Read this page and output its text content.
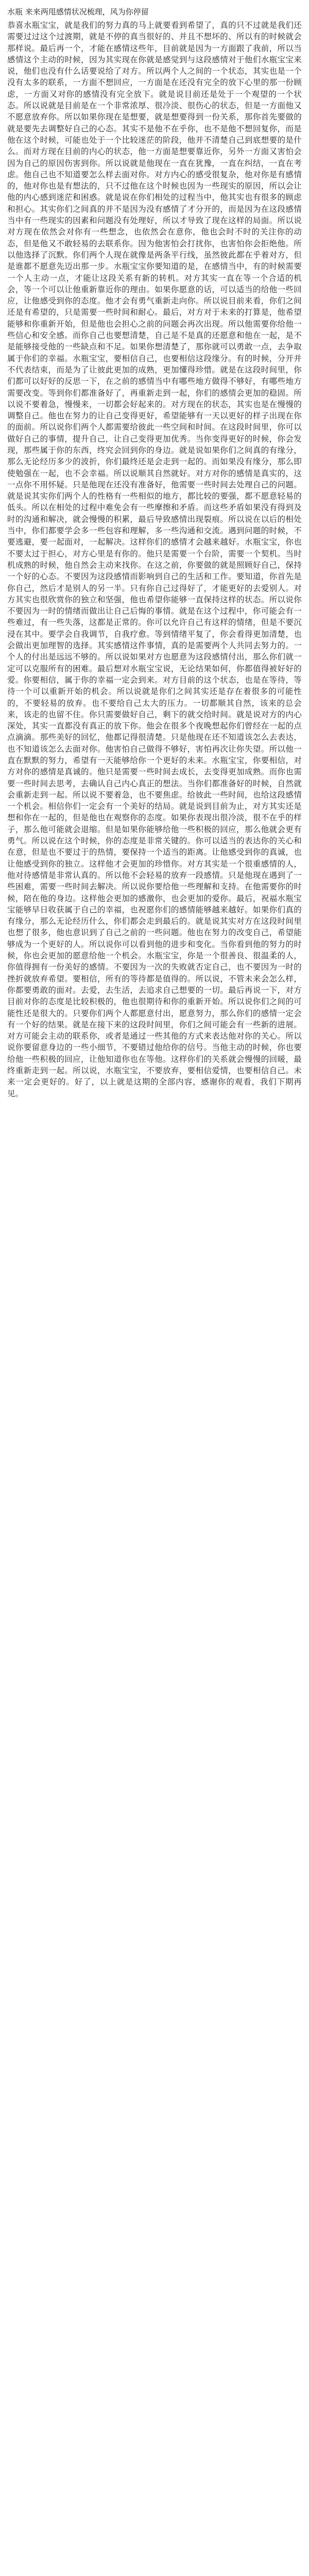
水瓶 来来两甩感情状况梳理，风为你停留

恭喜水瓶宝宝，就是我们的努力真的马上就要看到希望了，真的只不过就是我们还需要过过这个过渡期，就是不停的真当很好的、并且不想坏的、所以有的时候就会那样说。最后再一个，才能在感情这些年，目前就是因为一方面跟了我前，所以当感情这个主动的时候，因为其实现在你就是感觉到与这段感情对于他们水瓶宝宝来说，他们也没有什么话要说给了对方。所以两个人之间的一个状态，其实也是一个没有太多的联系，一方面不想回应，一方面是在还没有完全的放下心里的那一份顾虑，一方面又对你的感情没有完全放下。就是说目前还是处于一个观望的一个状态。所以说就是目前是在一个非常浓厚、很冷淡、很伤心的状态，但是一方面他又不愿意放弃你。所以如果你现在是想要，就是想要得到一份关系，那你首先要做的就是要先去调整好自己的心态。其实不是他不在乎你，也不是他不想回复你，而是他在这个时候，可能也处于一个比较迷茫的阶段，他并不清楚自己到底想要的是什么。而对方现在目前的内心的状态，他一方面是想要靠近你，另外一方面又害怕会因为自己的原因伤害到你。所以说就是他现在一直在犹豫，一直在纠结，一直在考虑。他自己也不知道要怎么样去面对你。对方内心的感受很复杂，他对你是有感情的，他对你也是有想法的，只不过他在这个时候也因为一些现实的原因，所以会让他的内心感到迷茫和困惑。就是说在你们相处的过程当中，他其实也有很多的顾虑和担心。其实你们之间真的并不是因为没有感情了才分开的，而是因为在这段感情当中有一些现实的因素和问题没有处理好，所以才导致了现在这样的局面。所以说对方现在依然会对你有一些想念，也依然会在意你，他也会时不时的关注你的动态，但是他又不敢轻易的去联系你。因为他害怕会打扰你，也害怕你会拒绝他。所以他选择了沉默。你们两个人现在就像是两条平行线，虽然彼此都在乎着对方，但是谁都不愿意先迈出那一步。水瓶宝宝你要知道的是，在感情当中，有的时候需要一个人主动一点，才能让这段关系有新的转机。对方其实一直在等一个合适的机会，等一个可以让他重新靠近你的理由。如果你愿意的话，可以适当的给他一些回应，让他感受到你的态度。他才会有勇气重新走向你。所以说目前来看，你们之间还是有希望的，只是需要一些时间和耐心。最后，对方对于未来的打算是，他希望能够和你重新开始，但是他也会担心之前的问题会再次出现。所以他需要你给他一些信心和安全感。而你自己也要想清楚，自己是不是真的还愿意和他在一起，是不是能够接受他的一些缺点和不足。如果你想清楚了，那你就可以勇敢一点，去争取属于你们的幸福。水瓶宝宝，要相信自己，也要相信这段缘分。有的时候，分开并不代表结束，而是为了让彼此更加的成熟，更加懂得珍惜。就是在这段时间里，你们都可以好好的反思一下，在之前的感情当中有哪些地方做得不够好，有哪些地方需要改变。等到你们都准备好了，再重新走到一起，你们的感情会更加的稳固。所以说不要着急，慢慢来，一切都会好起来的。对方现在的状态，其实也是在慢慢的调整自己。他也在努力的让自己变得更好，希望能够有一天以更好的样子出现在你的面前。所以说你们两个人都需要给彼此一些空间和时间。在这段时间里，你可以做好自己的事情，提升自己，让自己变得更加优秀。当你变得更好的时候，你会发现，那些属于你的东西，终究会回到你的身边。就是说如果你们之间真的有缘分，那么无论经历多少的波折，你们最终还是会走到一起的。而如果没有缘分，那么即使勉强在一起，也不会幸福。所以说顺其自然就好。对方对你的感情是真实的，这一点你不用怀疑。只是他现在还没有准备好，他需要一些时间去处理自己的问题。就是说其实你们两个人的性格有一些相似的地方，都比较的要强，都不愿意轻易的低头。所以在相处的过程中难免会有一些摩擦和矛盾。而这些矛盾如果没有得到及时的沟通和解决，就会慢慢的积累，最后导致感情出现裂痕。所以说在以后的相处当中，你们都要学会多一些包容和理解，多一些沟通和交流。遇到问题的时候，不要逃避，要一起面对，一起解决。这样你们的感情才会越来越好。水瓶宝宝，你也不要太过于担心，对方心里是有你的。他只是需要一个台阶，需要一个契机。当时机成熟的时候，他自然会主动来找你。在这之前，你要做的就是照顾好自己，保持一个好的心态。不要因为这段感情而影响到自己的生活和工作。要知道，你首先是你自己，然后才是别人的另一半。只有你自己过得好了，才能更好的去爱别人。对方其实也很欣赏你的独立和坚强，他也希望你能够一直保持这样的状态。所以说你不要因为一时的情绪而做出让自己后悔的事情。就是在这个过程中，你可能会有一些难过，有一些失落，这都是正常的。你可以允许自己有这样的情绪，但是不要沉浸在其中。要学会自我调节，自我疗愈。等到情绪平复了，你会看得更加清楚，也会做出更加理智的选择。其实感情这件事情，真的是需要两个人共同去努力的。一个人的付出是远远不够的。所以说如果对方也愿意为这段感情付出，那么你们就一定可以克服所有的困难。最后想对水瓶宝宝说，无论结果如何，你都值得被好好的爱。你要相信，属于你的幸福一定会到来。对方目前的这个状态，也是在等待，等待一个可以重新开始的机会。所以说就是你们之间其实还是存在着很多的可能性的，不要轻易的放弃。也不要给自己太大的压力。一切都顺其自然，该来的总会来，该走的也留不住。你只需要做好自己，剩下的就交给时间。就是说对方的内心深处，其实一直都没有真正的放下你。他会在很多个夜晚想起你们曾经在一起的点点滴滴。那些美好的回忆，他都记得很清楚。只是他现在还不知道该怎么去表达，也不知道该怎么去面对你。他害怕自己做得不够好，害怕再次让你失望。所以他一直在默默的努力，希望有一天能够给你一个更好的未来。水瓶宝宝，你要相信，对方对你的感情是真诚的。他只是需要一些时间去成长，去变得更加成熟。而你也需要一些时间去思考，去确认自己内心真正的想法。当你们都准备好的时候，自然就会重新走到一起。所以说不要着急，也不要焦虑。给彼此一些时间，也给这段感情一个机会。相信你们一定会有一个美好的结局。就是说到目前为止，对方其实还是想和你在一起的，但是他也在观察你的态度。如果你表现出很冷淡，很不在乎的样子，那么他可能就会退缩。但是如果你能够给他一些积极的回应，那么他就会更有勇气。所以说在这个时候，你的态度是非常关键的。你可以适当的表达你的关心和在意，但是也不要过于的热情，要保持一个适当的距离。让他感受到你的真诚，也让他感受到你的独立。这样他才会更加的珍惜你。对方其实是一个很重感情的人，他对待感情是非常认真的。所以他不会轻易的放弃一段感情。只是他现在遇到了一些困难，需要一些时间去解决。所以说你要给他一些理解和支持。在他需要你的时候，陪在他的身边。这样他会更加的感激你，也会更加的爱你。最后，祝福水瓶宝宝能够早日收获属于自己的幸福，也祝愿你们的感情能够越来越好。如果你们真的有缘分，那么无论经历什么，你们都会走到最后的。就是说其实对方在这段时间里也想了很多，他也意识到了自己之前的一些问题。他也在努力的改变自己，希望能够成为一个更好的人。所以说你可以看到他的进步和变化。当你看到他的努力的时候，你也会更加的愿意给他一个机会。水瓶宝宝，你是一个很善良、很温柔的人，你值得拥有一份美好的感情。不要因为一次的失败就否定自己，也不要因为一时的挫折就放弃希望。要相信，所有的等待都是值得的。所以说，不管未来会怎么样，你都要勇敢的面对。去爱，去生活，去追求自己想要的一切。最后再说一下，对方目前对你的态度是比较积极的，他也很期待和你的重新开始。所以说你们之间的可能性还是很大的。只要你们两个人都愿意付出，愿意努力，那么你们的感情一定会有一个好的结果。就是在接下来的这段时间里，你们之间可能会有一些新的进展。对方可能会主动的联系你，或者是通过一些其他的方式来表达他对你的关心。所以说你要留意身边的一些小细节，不要错过他给你的信号。当他主动的时候，你也要给他一些积极的回应，让他知道你也在等他。这样你们的关系就会慢慢的回暖，最终重新走到一起。所以说，水瓶宝宝，不要放弃，要相信爱情，也要相信自己。未来一定会更好的。好了，以上就是这期的全部内容，感谢你的观看，我们下期再见。
